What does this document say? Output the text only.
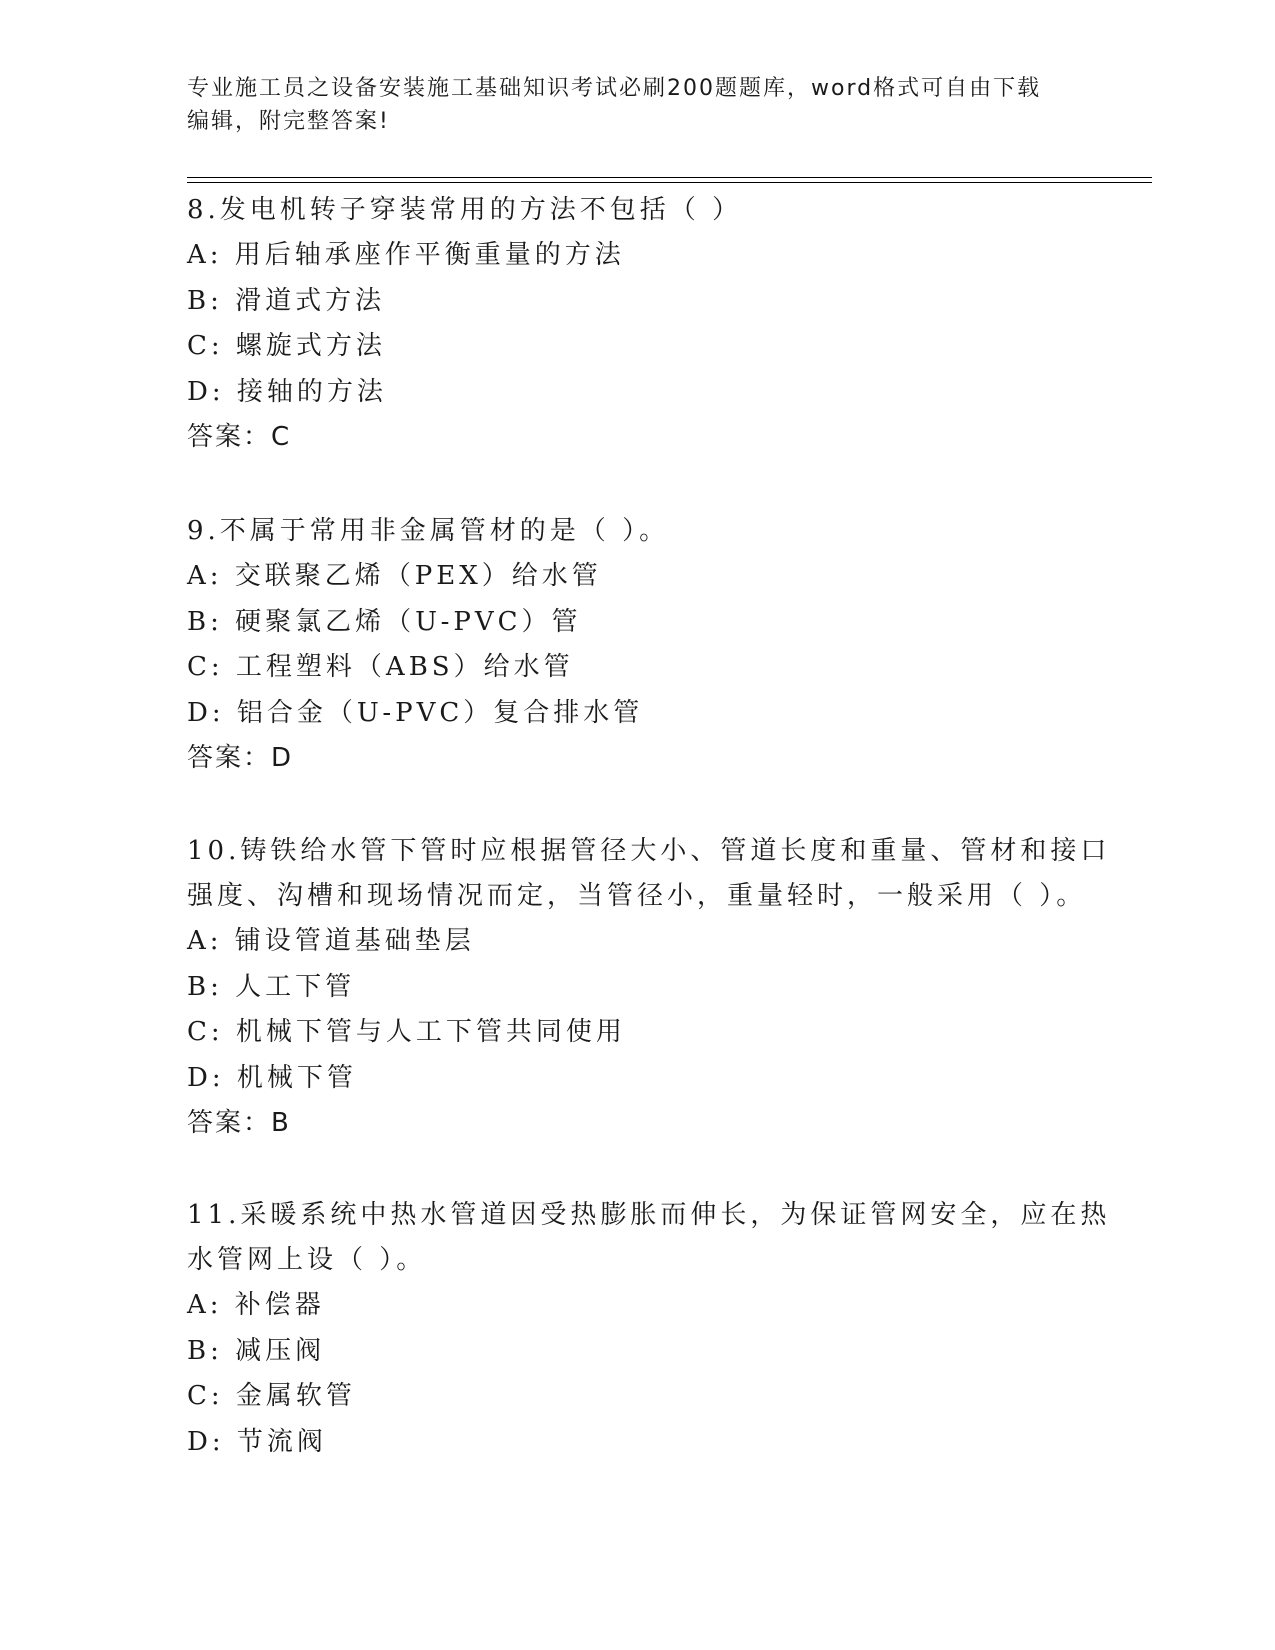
专业施工员之设备安装施工基础知识考试必刷200题题库，word格式可自由下载
编辑，附完整答案!
8.发电机转子穿装常用的方法不包括（ ）
A: 用后轴承座作平衡重量的方法
B: 滑道式方法
C: 螺旋式方法
D: 接轴的方法
答案：C
9.不属于常用非金属管材的是（ ）。
A: 交联聚乙烯（PEX）给水管
B: 硬聚氯乙烯（U-PVC）管
C: 工程塑料（ABS）给水管
D: 铝合金（U-PVC）复合排水管
答案：D
10.铸铁给水管下管时应根据管径大小、管道长度和重量、管材和接口
强度、沟槽和现场情况而定，当管径小，重量轻时，一般采用（ ）。
A: 铺设管道基础垫层
B: 人工下管
C: 机械下管与人工下管共同使用
D: 机械下管
答案：B
11.采暖系统中热水管道因受热膨胀而伸长，为保证管网安全，应在热
水管网上设（ ）。
A: 补偿器
B: 减压阀
C: 金属软管
D: 节流阀
